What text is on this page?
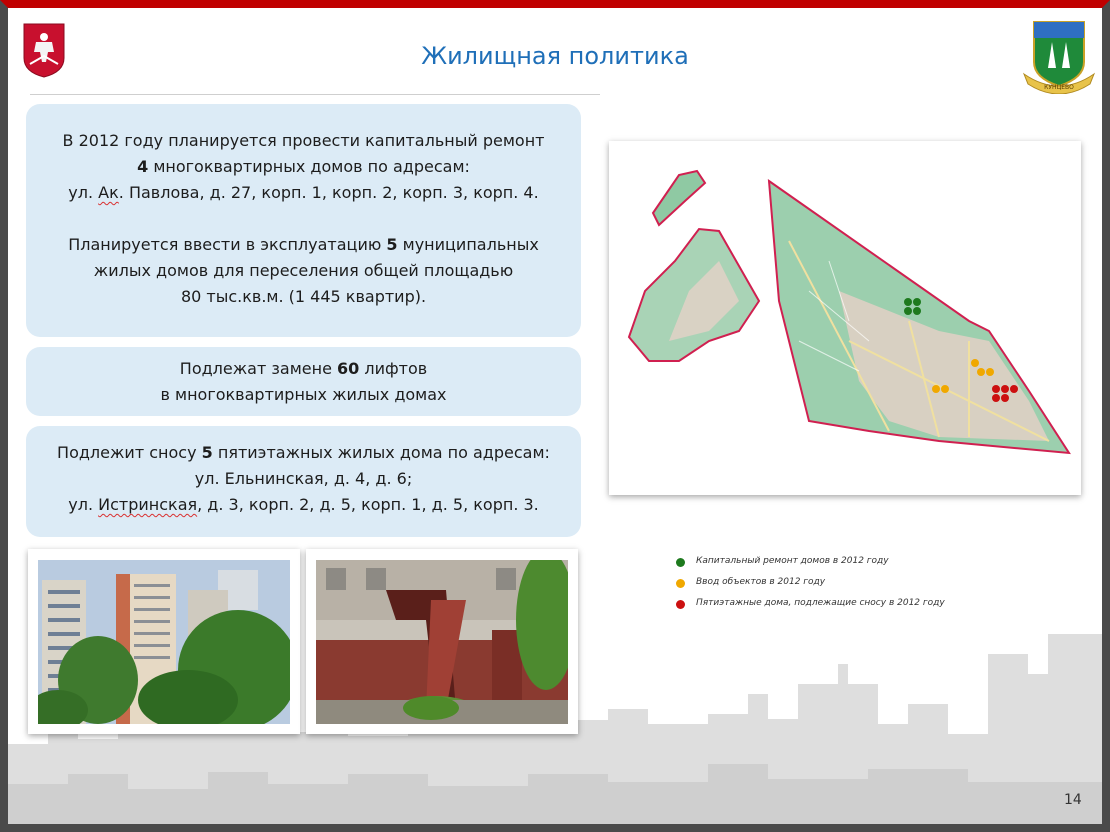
КУНЦЕВО
Жилищная политика

В 2012 году планируется провести капитальный ремонт

4 многоквартирных домов по адресам:

ул. Ак. Павлова, д. 27, корп. 1, корп. 2, корп. 3, корп. 4.

Планируется ввести в эксплуатацию 5 муниципальных

жилых домов для переселения общей площадью

80 тыс.кв.м. (1 445 квартир).

Подлежат замене 60 лифтов

в многоквартирных жилых домах

Подлежит сносу 5 пятиэтажных жилых дома по адресам:

ул. Ельнинская, д. 4, д. 6;

ул. Истринская, д. 3, корп. 2, д. 5, корп. 1, д. 5, корп. 3.

Капитальный ремонт домов в 2012 году
Ввод объектов в 2012 году
Пятиэтажные дома, подлежащие сносу в 2012 году
14
